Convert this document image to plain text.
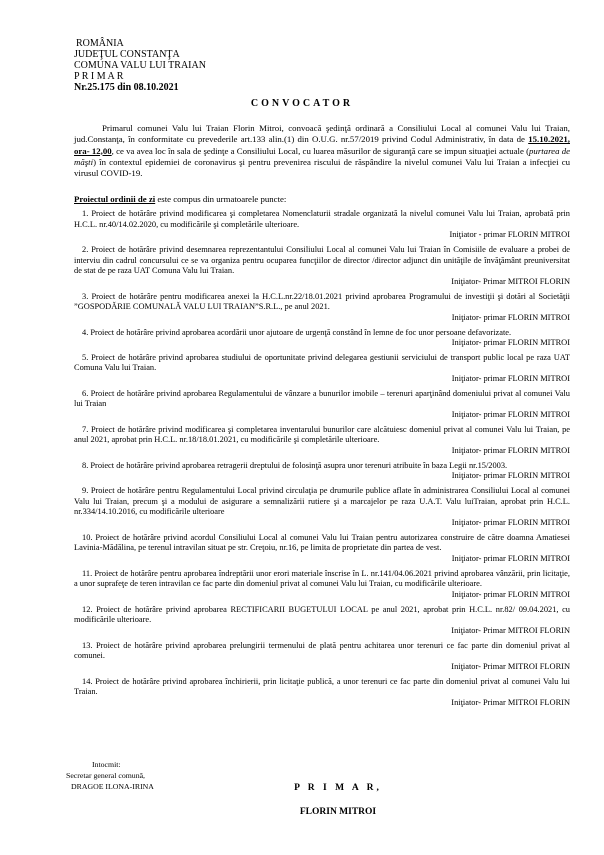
ROMÂNIA
JUDEŢUL CONSTANŢA
COMUNA VALU LUI TRAIAN
P R I M A R
Nr.25.175 din 08.10.2021
CONVOCATOR
Primarul comunei Valu lui Traian Florin Mitroi, convoacă şedinţă ordinară a Consiliului Local al comunei Valu lui Traian, jud.Constanţa, în conformitate cu prevederile art.133 alin.(1) din O.U.G. nr.57/2019 privind Codul Administrativ, în data de 15.10.2021, ora- 12,00, ce va avea loc în sala de şedinţe a Consiliului Local, cu luarea măsurilor de siguranţă care se impun situaţiei actuale (purtarea de măşti) în contextul epidemiei de coronavirus şi pentru prevenirea riscului de răspândire la nivelul comunei Valu lui Traian a infecţiei cu virusul COVID-19.
Proiectul ordinii de zi este compus din urmatoarele puncte:
1. Proiect de hotărâre privind modificarea şi completarea Nomenclaturii stradale organizată la nivelul comunei Valu lui Traian, aprobată prin H.C.L. nr.40/14.02.2020, cu modificările şi completările ulterioare.
Iniţiator - primar FLORIN MITROI
2. Proiect de hotărâre privind desemnarea reprezentantului Consiliului Local al comunei Valu lui Traian în Comisiile de evaluare a probei de interviu din cadrul concursului ce se va organiza pentru ocuparea funcţiilor de director /director adjunct din unităţile de învăţământ preuniversitat de stat de pe raza UAT Comuna Valu lui Traian.
Iniţiator- Primar MITROI FLORIN
3. Proiect de hotărâre pentru modificarea anexei la H.C.L.nr.22/18.01.2021 privind aprobarea Programului de investiţii şi dotări al Societăţii ”GOSPODĂRIE COMUNALĂ VALU LUI TRAIAN”S.R.L., pe anul 2021.
Iniţiator- primar FLORIN MITROI
4. Proiect de hotărâre privind aprobarea acordării unor ajutoare de urgenţă constând în lemne de foc unor persoane defavorizate.
Iniţiator- primar FLORIN MITROI
5. Proiect de hotărâre privind aprobarea studiului de oportunitate privind delegarea gestiunii serviciului de transport public local pe raza UAT Comuna Valu lui Traian.
Iniţiator- primar FLORIN MITROI
6. Proiect de hotărâre privind aprobarea Regulamentului de vânzare a bunurilor imobile – terenuri aparţinând domeniului privat al comunei Valu lui Traian
Iniţiator- primar FLORIN MITROI
7. Proiect de hotărâre privind modificarea şi completarea inventarului bunurilor care alcătuiesc domeniul privat al comunei Valu lui Traian, pe anul 2021, aprobat prin H.C.L. nr.18/18.01.2021, cu modificările şi completările ulterioare.
Iniţiator- primar FLORIN MITROI
8. Proiect de hotărâre privind aprobarea retragerii dreptului de folosinţă asupra unor terenuri atribuite în baza Legii nr.15/2003.
Iniţiator- primar FLORIN MITROI
9. Proiect de hotărâre pentru Regulamentului Local privind circulaţia pe drumurile publice aflate în administrarea Consiliului Local al comunei Valu lui Traian, precum şi a modului de asigurare a semnalizării rutiere şi a marcajelor pe raza U.A.T. Valu luiTraian, aprobat prin H.C.L. nr.334/14.10.2016, cu modificările ulterioare
Iniţiator- primar FLORIN MITROI
10. Proiect de hotărâre privind acordul Consiliului Local al comunei Valu lui Traian pentru autorizarea construire de către doamna Amatiesei Lavinia-Mădălina, pe terenul intravilan situat pe str. Creţoiu, nr.16, pe limita de proprietate din partea de vest.
Iniţiator- primar FLORIN MITROI
11. Proiect de hotărâre pentru aprobarea îndreptării unor erori materiale înscrise în L. nr.141/04.06.2021 privind aprobarea vânzării, prin licitaţie, a unor suprafeţe de teren intravilan ce fac parte din domeniul privat al comunei Valu lui Traian, cu modificările ulterioare.
Iniţiator- primar FLORIN MITROI
12. Proiect de hotărâre privind aprobarea RECTIFICARII BUGETULUI LOCAL pe anul 2021, aprobat prin H.C.L. nr.82/ 09.04.2021, cu modificările ulterioare.
Iniţiator- Primar MITROI FLORIN
13. Proiect de hotărâre privind aprobarea prelungirii termenului de plată pentru achitarea unor terenuri ce fac parte din domeniul privat al comunei.
Iniţiator- Primar MITROI FLORIN
14. Proiect de hotărâre privind aprobarea închirierii, prin licitaţie publică, a unor terenuri ce fac parte din domeniul privat al comunei Valu lui Traian.
Iniţiator- Primar MITROI FLORIN
Intocmit:
Secretar general comună,
DRAGOE ILONA-IRINA	P R I M A R,
FLORIN MITROI
